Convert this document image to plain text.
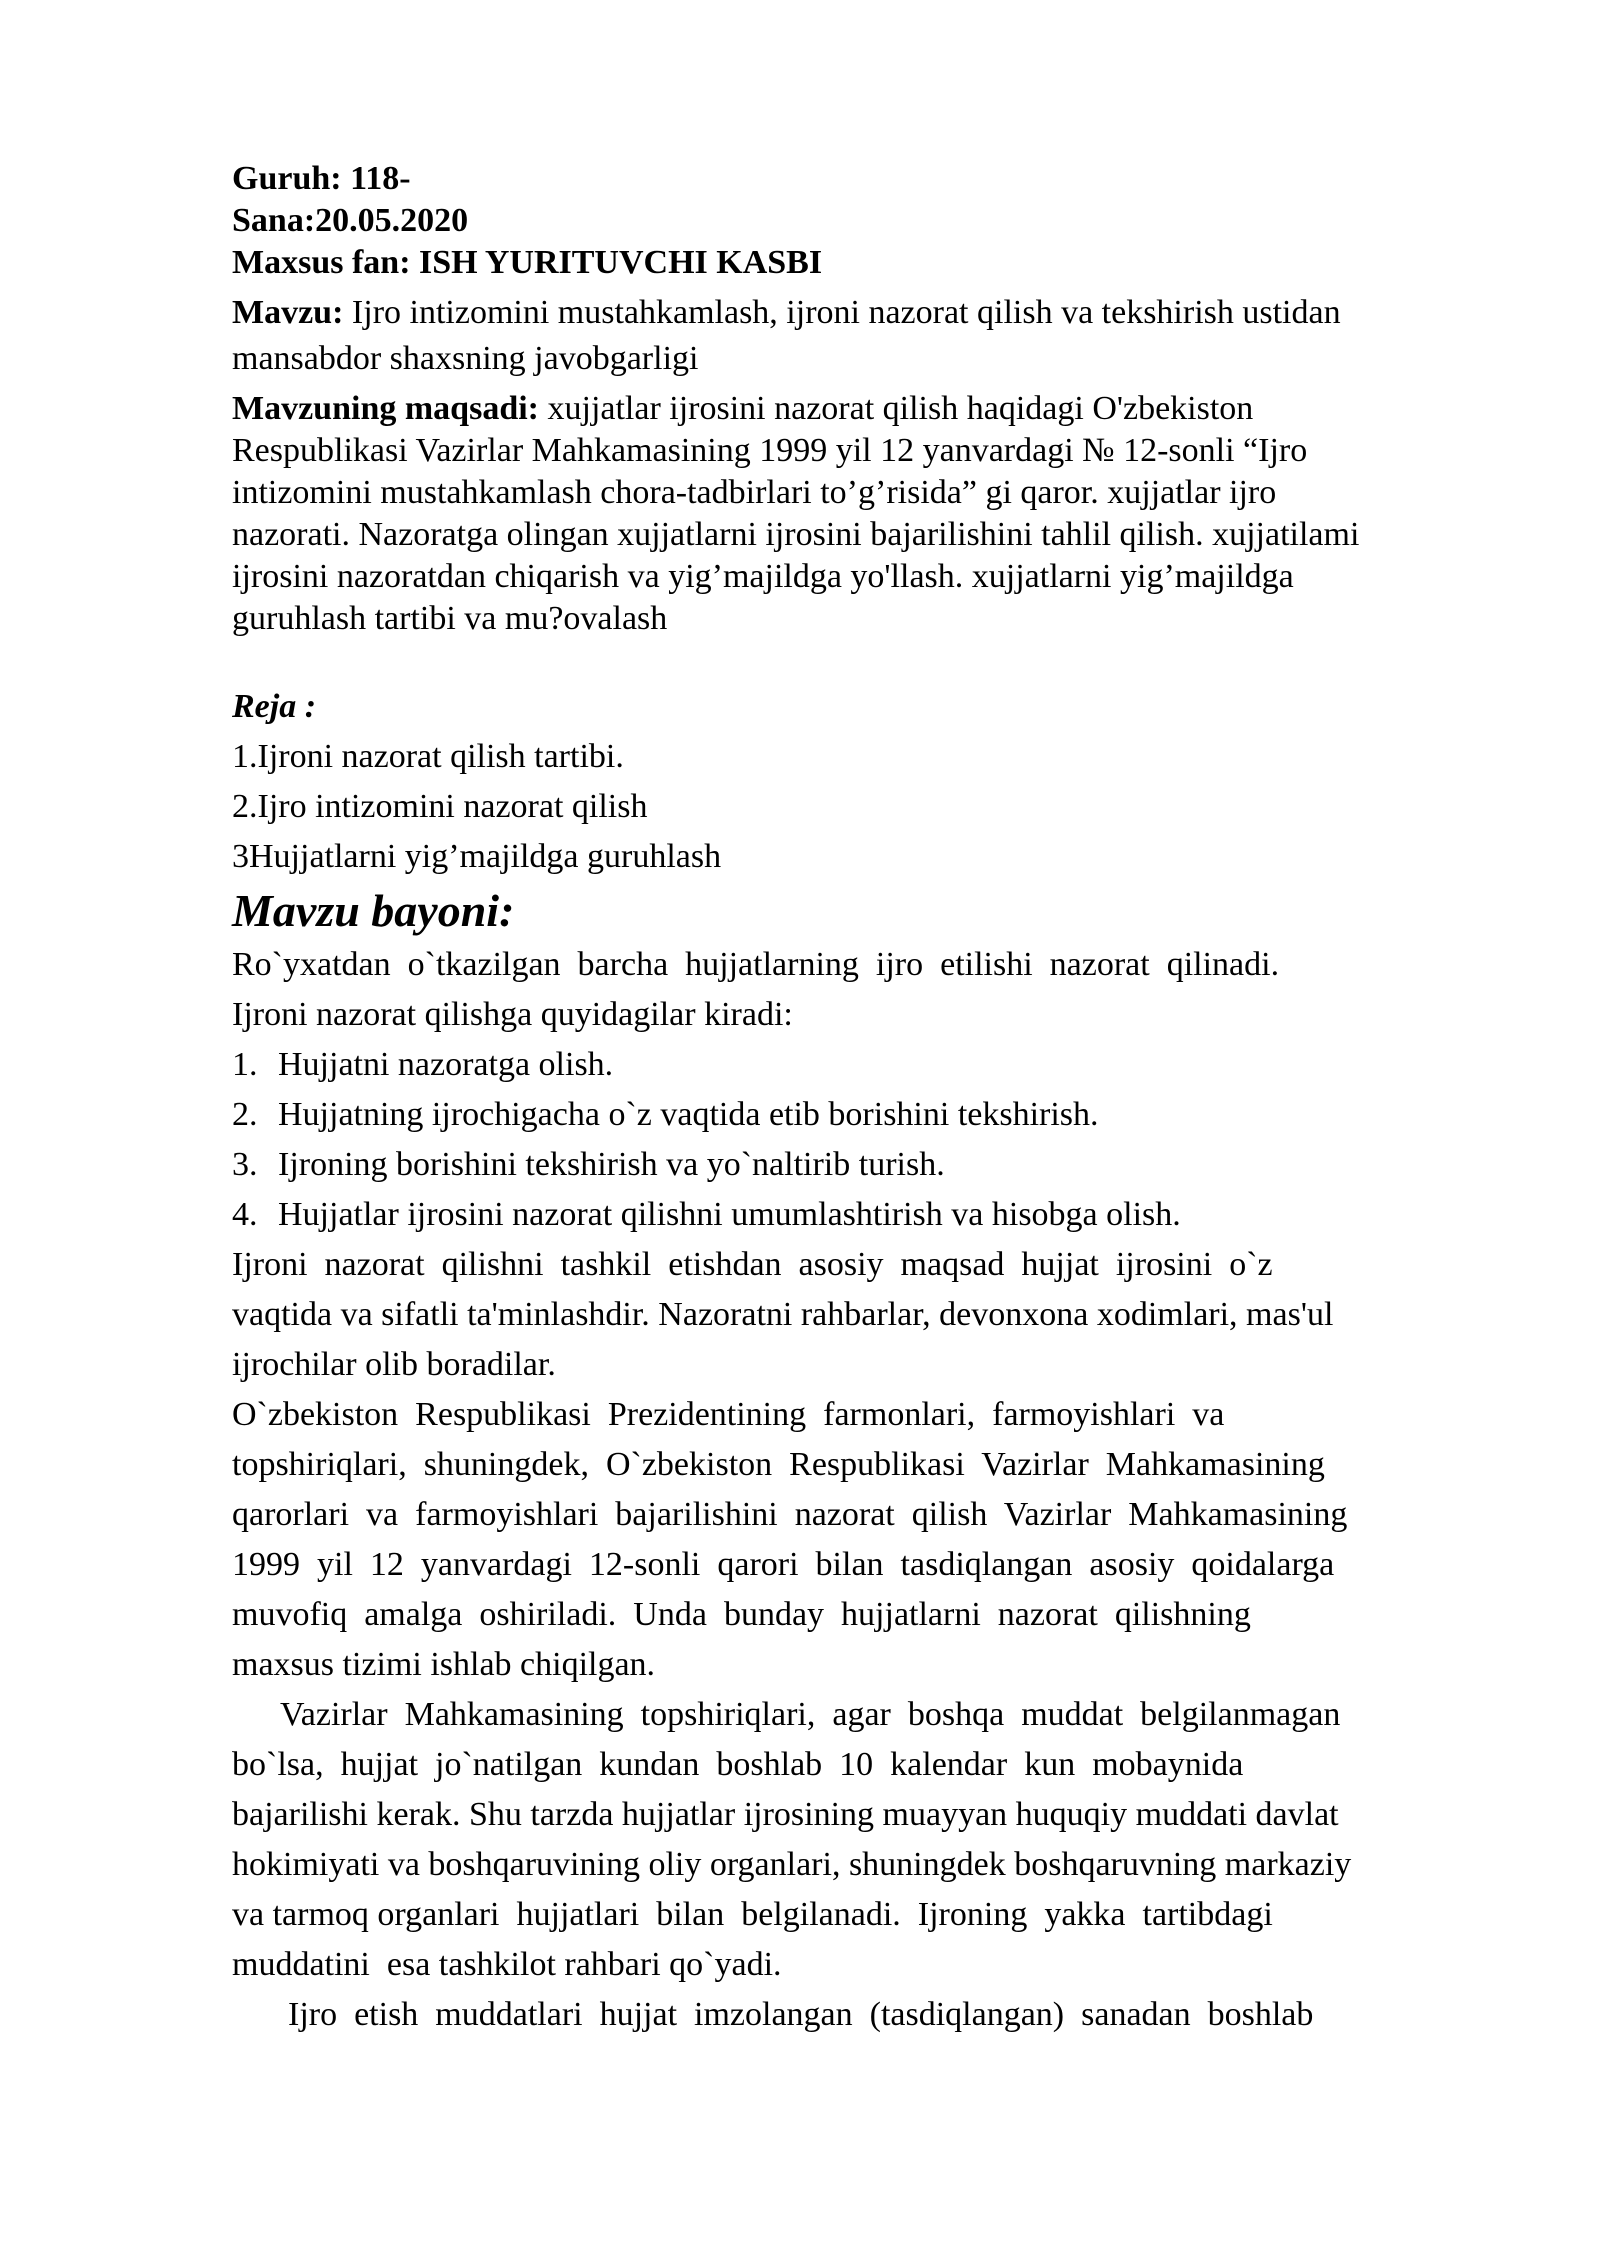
Guruh: 118-
Sana:20.05.2020
Maxsus fan: ISH YURITUVCHI KASBI
Mavzu: Ijro intizomini mustahkamlash, ijroni nazorat qilish va tekshirish ustidan
mansabdor shaxsning javobgarligi
Mavzuning maqsadi: xujjatlar ijrosini nazorat qilish haqidagi O'zbekiston
Respublikasi Vazirlar Mahkamasining 1999 yil 12 yanvardagi № 12-sonli “Ijro
intizomini mustahkamlash chora-tadbirlari to’g’risida” gi qaror. xujjatlar ijro
nazorati. Nazoratga olingan xujjatlarni ijrosini bajarilishini tahlil qilish. xujjatilami
ijrosini nazoratdan chiqarish va yig’majildga yo'llash. xujjatlarni yig’majildga
guruhlash tartibi va mu?ovalash
Reja :
1.Ijroni nazorat qilish tartibi.
2.Ijro intizomini nazorat qilish
3Hujjatlarni yig’majildga guruhlash
Mavzu bayoni:
Ro`yxatdan  o`tkazilgan  barcha  hujjatlarning  ijro  etilishi  nazorat  qilinadi.
Ijroni nazorat qilishga quyidagilar kiradi:
1. Hujjatni nazoratga olish.
2. Hujjatning ijrochigacha o`z vaqtida etib borishini tekshirish.
3. Ijroning borishini tekshirish va yo`naltirib turish.
4. Hujjatlar ijrosini nazorat qilishni umumlashtirish va hisobga olish.
Ijroni  nazorat  qilishni  tashkil  etishdan  asosiy  maqsad  hujjat  ijrosini  o`z
vaqtida va sifatli ta'minlashdir. Nazoratni rahbarlar, devonxona xodimlari, mas'ul
ijrochilar olib boradilar.
O`zbekiston  Respublikasi  Prezidentining  farmonlari,  farmoyishlari  va
topshiriqlari,  shuningdek,  O`zbekiston  Respublikasi  Vazirlar  Mahkamasining
qarorlari  va  farmoyishlari  bajarilishini  nazorat  qilish  Vazirlar  Mahkamasining
1999  yil  12  yanvardagi  12-sonli  qarori  bilan  tasdiqlangan  asosiy  qoidalarga
muvofiq  amalga  oshiriladi.  Unda  bunday  hujjatlarni  nazorat  qilishning
maxsus tizimi ishlab chiqilgan.
Vazirlar  Mahkamasining  topshiriqlari,  agar  boshqa  muddat  belgilanmagan
bo`lsa,  hujjat  jo`natilgan  kundan  boshlab  10  kalendar  kun  mobaynida
bajarilishi kerak. Shu tarzda hujjatlar ijrosining muayyan huquqiy muddati davlat
hokimiyati va boshqaruvining oliy organlari, shuningdek boshqaruvning markaziy
va tarmoq organlari  hujjatlari  bilan  belgilanadi.  Ijroning  yakka  tartibdagi
muddatini  esa tashkilot rahbari qo`yadi.
Ijro  etish  muddatlari  hujjat  imzolangan  (tasdiqlangan)  sanadan  boshlab
